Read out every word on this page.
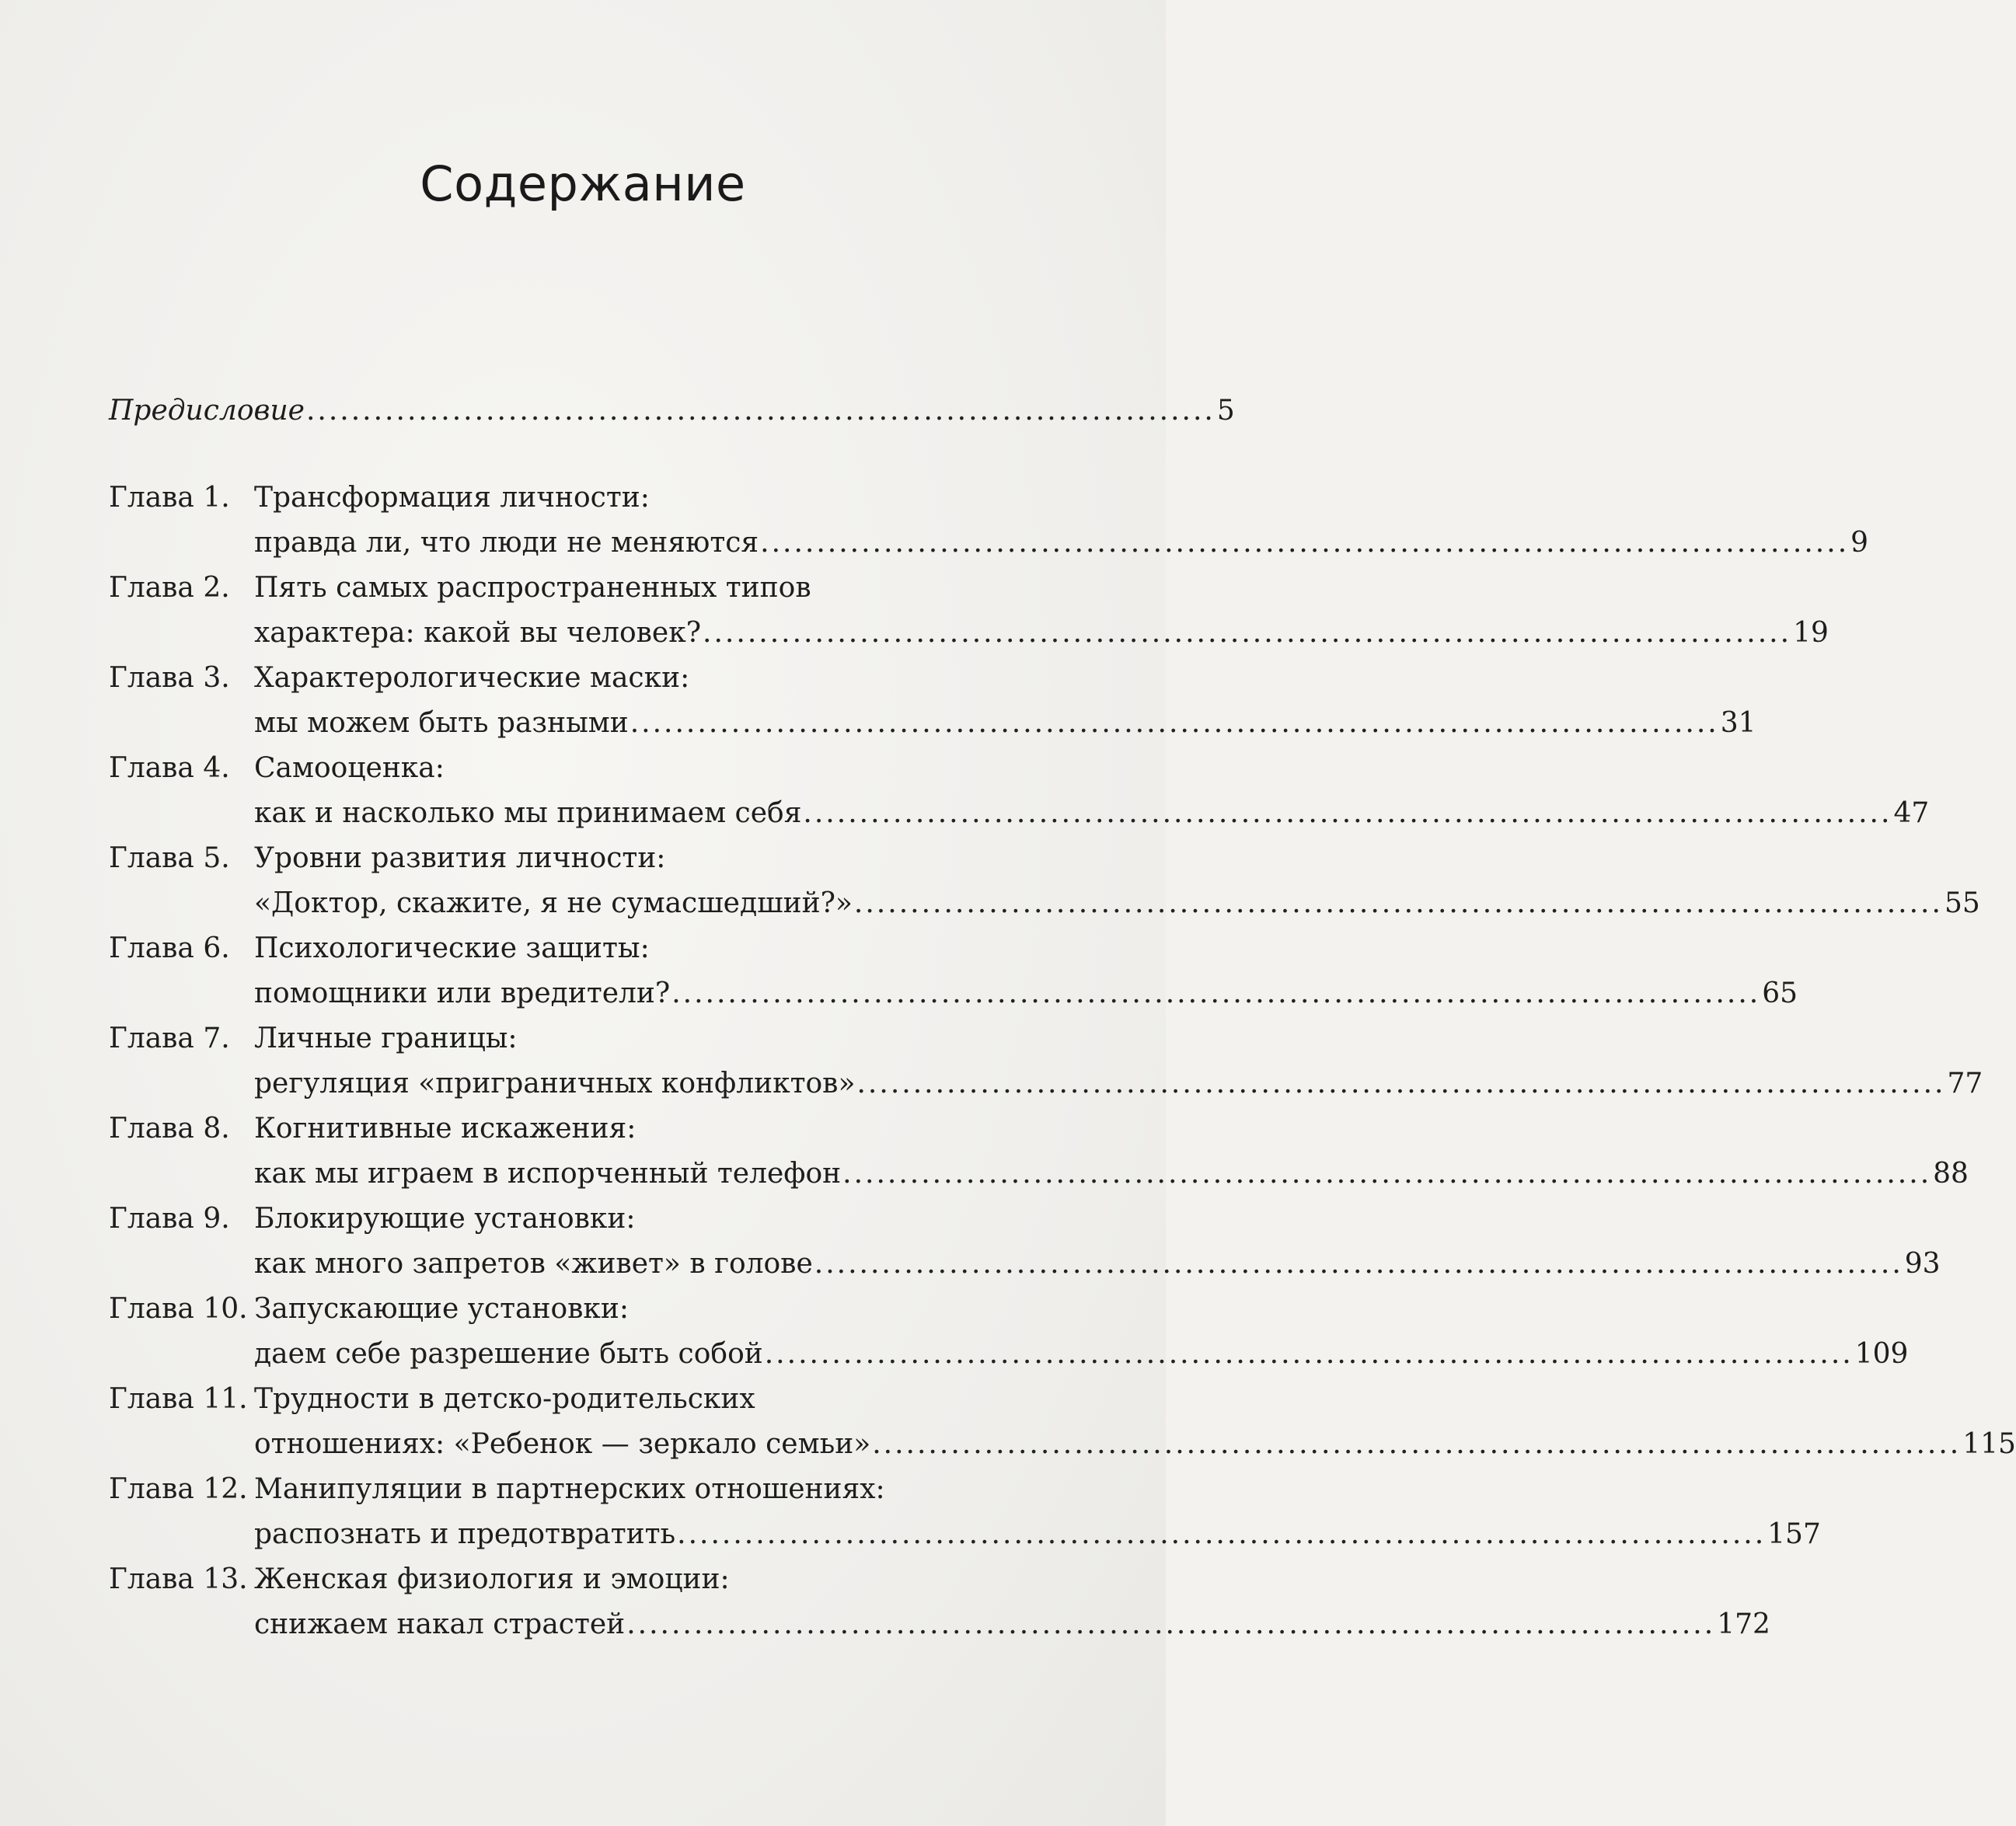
Содержание
Предисловие ................................................................................. 5
Глава 1. Трансформация личности:
правда ли, что люди не меняются ................................................................................................. 9
Глава 2. Пять самых распространенных типов
характера: какой вы человек? ................................................................................................. 19
Глава 3. Характерологические маски:
мы можем быть разными ................................................................................................. 31
Глава 4. Самооценка:
как и насколько мы принимаем себя ................................................................................................. 47
Глава 5. Уровни развития личности:
«Доктор, скажите, я не сумасшедший?» ................................................................................................. 55
Глава 6. Психологические защиты:
помощники или вредители? ................................................................................................. 65
Глава 7. Личные границы:
регуляция «приграничных конфликтов» ................................................................................................. 77
Глава 8. Когнитивные искажения:
как мы играем в испорченный телефон ................................................................................................. 88
Глава 9. Блокирующие установки:
как много запретов «живет» в голове ................................................................................................. 93
Глава 10. Запускающие установки:
даем себе разрешение быть собой ................................................................................................. 109
Глава 11. Трудности в детско-родительских
отношениях: «Ребенок — зеркало семьи» ................................................................................................. 115
Глава 12. Манипуляции в партнерских отношениях:
распознать и предотвратить ................................................................................................. 157
Глава 13. Женская физиология и эмоции:
снижаем накал страстей ................................................................................................. 172
